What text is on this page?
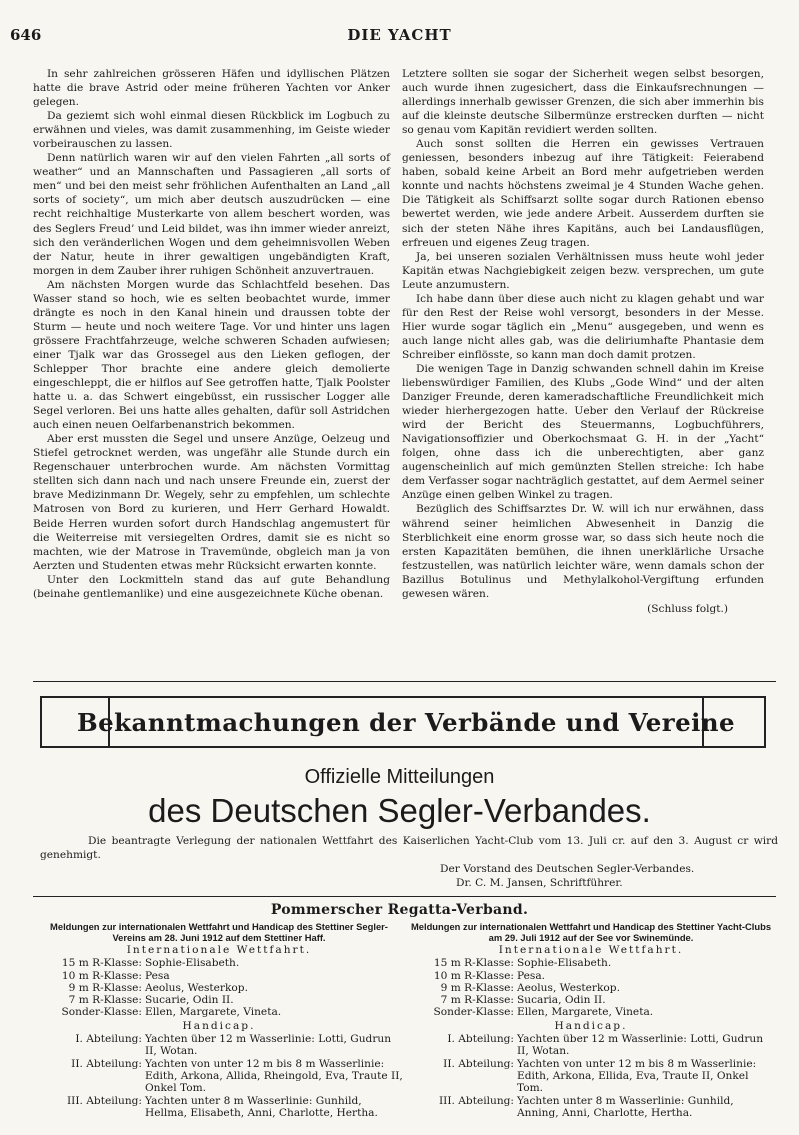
646	DIE YACHT

In sehr zahlreichen grösseren Häfen und idyllischen Plätzen hatte die brave Astrid oder meine früheren Yachten vor Anker gelegen.

Da geziemt sich wohl einmal diesen Rückblick im Logbuch zu erwähnen und vieles, was damit zusammenhing, im Geiste wieder vorbeirauschen zu lassen.

Denn natürlich waren wir auf den vielen Fahrten „all sorts of weather“ und an Mannschaften und Passagieren „all sorts of men“ und bei den meist sehr fröhlichen Aufenthalten an Land „all sorts of society“, um mich aber deutsch auszudrücken — eine recht reichhaltige Musterkarte von allem beschert worden, was des Seglers Freud’ und Leid bildet, was ihn immer wieder anreizt, sich den veränderlichen Wogen und dem geheimnisvollen Weben der Natur, heute in ihrer gewaltigen ungebändigten Kraft, morgen in dem Zauber ihrer ruhigen Schönheit anzuvertrauen.

Am nächsten Morgen wurde das Schlachtfeld besehen. Das Wasser stand so hoch, wie es selten beobachtet wurde, immer drängte es noch in den Kanal hinein und draussen tobte der Sturm — heute und noch weitere Tage. Vor und hinter uns lagen grössere Frachtfahrzeuge, welche schweren Schaden aufwiesen; einer Tjalk war das Grossegel aus den Lieken geflogen, der Schlepper Thor brachte eine andere gleich demolierte eingeschleppt, die er hilflos auf See getroffen hatte, Tjalk Poolster hatte u. a. das Schwert eingebüsst, ein russischer Logger alle Segel verloren. Bei uns hatte alles gehalten, dafür soll Astridchen auch einen neuen Oelfarbenanstrich bekommen.

Aber erst mussten die Segel und unsere Anzüge, Oelzeug und Stiefel getrocknet werden, was ungefähr alle Stunde durch ein Regenschauer unterbrochen wurde. Am nächsten Vormittag stellten sich dann nach und nach unsere Freunde ein, zuerst der brave Medizinmann Dr. Wegely, sehr zu empfehlen, um schlechte Matrosen von Bord zu kurieren, und Herr Gerhard Howaldt. Beide Herren wurden sofort durch Handschlag angemustert für die Weiterreise mit versiegelten Ordres, damit sie es nicht so machten, wie der Matrose in Travemünde, obgleich man ja von Aerzten und Studenten etwas mehr Rücksicht erwarten konnte.

Unter den Lockmitteln stand das auf gute Behandlung (beinahe gentlemanlike) und eine ausgezeichnete Küche obenan.

Letztere sollten sie sogar der Sicherheit wegen selbst besorgen, auch wurde ihnen zugesichert, dass die Einkaufsrechnungen — allerdings innerhalb gewisser Grenzen, die sich aber immerhin bis auf die kleinste deutsche Silbermünze erstrecken durften — nicht so genau vom Kapitän revidiert werden sollten.

Auch sonst sollten die Herren ein gewisses Vertrauen geniessen, besonders inbezug auf ihre Tätigkeit: Feierabend haben, sobald keine Arbeit an Bord mehr aufgetrieben werden konnte und nachts höchstens zweimal je 4 Stunden Wache gehen. Die Tätigkeit als Schiffsarzt sollte sogar durch Rationen ebenso bewertet werden, wie jede andere Arbeit. Ausserdem durften sie sich der steten Nähe ihres Kapitäns, auch bei Landausflügen, erfreuen und eigenes Zeug tragen.

Ja, bei unseren sozialen Verhältnissen muss heute wohl jeder Kapitän etwas Nachgiebigkeit zeigen bezw. versprechen, um gute Leute anzumustern.

Ich habe dann über diese auch nicht zu klagen gehabt und war für den Rest der Reise wohl versorgt, besonders in der Messe. Hier wurde sogar täglich ein „Menu“ ausgegeben, und wenn es auch lange nicht alles gab, was die deliriumhafte Phantasie dem Schreiber einflösste, so kann man doch damit protzen.

Die wenigen Tage in Danzig schwanden schnell dahin im Kreise liebenswürdiger Familien, des Klubs „Gode Wind“ und der alten Danziger Freunde, deren kameradschaftliche Freundlichkeit mich wieder hierhergezogen hatte. Ueber den Verlauf der Rückreise wird der Bericht des Steuermanns, Logbuchführers, Navigationsoffizier und Oberkochsmaat G. H. in der „Yacht“ folgen, ohne dass ich die unberechtigten, aber ganz augenscheinlich auf mich gemünzten Stellen streiche: Ich habe dem Verfasser sogar nachträglich gestattet, auf dem Aermel seiner Anzüge einen gelben Winkel zu tragen.

Bezüglich des Schiffsarztes Dr. W. will ich nur erwähnen, dass während seiner heimlichen Abwesenheit in Danzig die Sterblichkeit eine enorm grosse war, so dass sich heute noch die ersten Kapazitäten bemühen, die ihnen unerklärliche Ursache festzustellen, was natürlich leichter wäre, wenn damals schon der Bazillus Botulinus und Methylalkohol-Vergiftung erfunden gewesen wären.

(Schluss folgt.)
Bekanntmachungen der Verbände und Vereine
Offizielle Mitteilungen
des Deutschen Segler-Verbandes.
Die beantragte Verlegung der nationalen Wettfahrt des Kaiserlichen Yacht-Club vom 13. Juli cr. auf den 3. August cr wird genehmigt.
Der Vorstand des Deutschen Segler-Verbandes.
Dr. C. M. Jansen, Schriftführer.
Pommerscher Regatta-Verband.
Meldungen zur internationalen Wettfahrt und Handicap des Stettiner Segler-Vereins am 28. Juni 1912 auf dem Stettiner Haff.
Internationale Wettfahrt.
15 m R-Klasse: Sophie-Elisabeth.
10 m R-Klasse: Pesa
9 m R-Klasse: Aeolus, Westerkop.
7 m R-Klasse: Sucarie, Odin II.
Sonder-Klasse: Ellen, Margarete, Vineta.
Handicap.
I. Abteilung: Yachten über 12 m Wasserlinie: Lotti, Gudrun II, Wotan.
II. Abteilung: Yachten von unter 12 m bis 8 m Wasserlinie: Edith, Arkona, Allida, Rheingold, Eva, Traute II, Onkel Tom.
III. Abteilung: Yachten unter 8 m Wasserlinie: Gunhild, Hellma, Elisabeth, Anni, Charlotte, Hertha.
Meldungen zur internationalen Wettfahrt und Handicap des Stettiner Yacht-Clubs am 29. Juli 1912 auf der See vor Swinemünde.
Internationale Wettfahrt.
15 m R-Klasse: Sophie-Elisabeth.
10 m R-Klasse: Pesa.
9 m R-Klasse: Aeolus, Westerkop.
7 m R-Klasse: Sucaria, Odin II.
Sonder-Klasse: Ellen, Margarete, Vineta.
Handicap.
I. Abteilung: Yachten über 12 m Wasserlinie: Lotti, Gudrun II, Wotan.
II. Abteilung: Yachten von unter 12 m bis 8 m Wasserlinie: Edith, Arkona, Ellida, Eva, Traute II, Onkel Tom.
III. Abteilung: Yachten unter 8 m Wasserlinie: Gunhild, Anning, Anni, Charlotte, Hertha.
